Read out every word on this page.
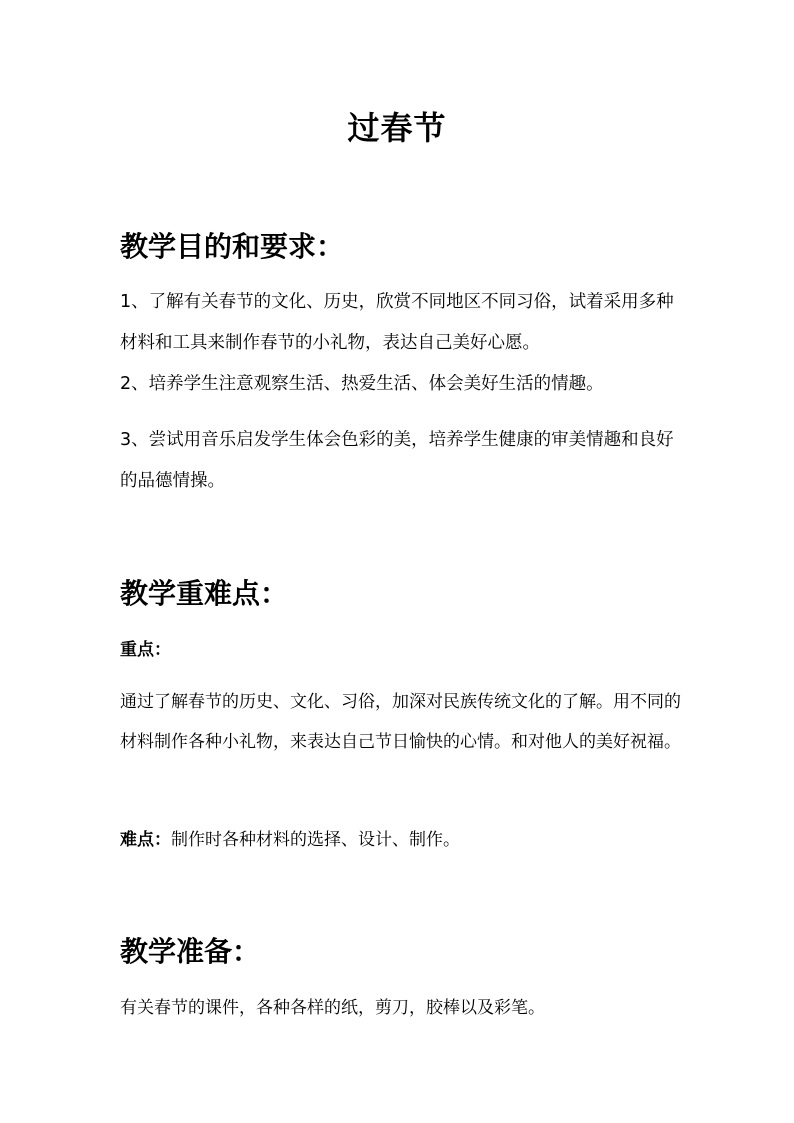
过春节
教学目的和要求：
1、了解有关春节的文化、历史，欣赏不同地区不同习俗，试着采用多种材料和工具来制作春节的小礼物，表达自己美好心愿。
2、培养学生注意观察生活、热爱生活、体会美好生活的情趣。
3、尝试用音乐启发学生体会色彩的美，培养学生健康的审美情趣和良好的品德情操。
教学重难点：
重点：
通过了解春节的历史、文化、习俗，加深对民族传统文化的了解。用不同的材料制作各种小礼物，来表达自己节日愉快的心情。和对他人的美好祝福。
难点：制作时各种材料的选择、设计、制作。
教学准备：
有关春节的课件，各种各样的纸，剪刀，胶棒以及彩笔。
